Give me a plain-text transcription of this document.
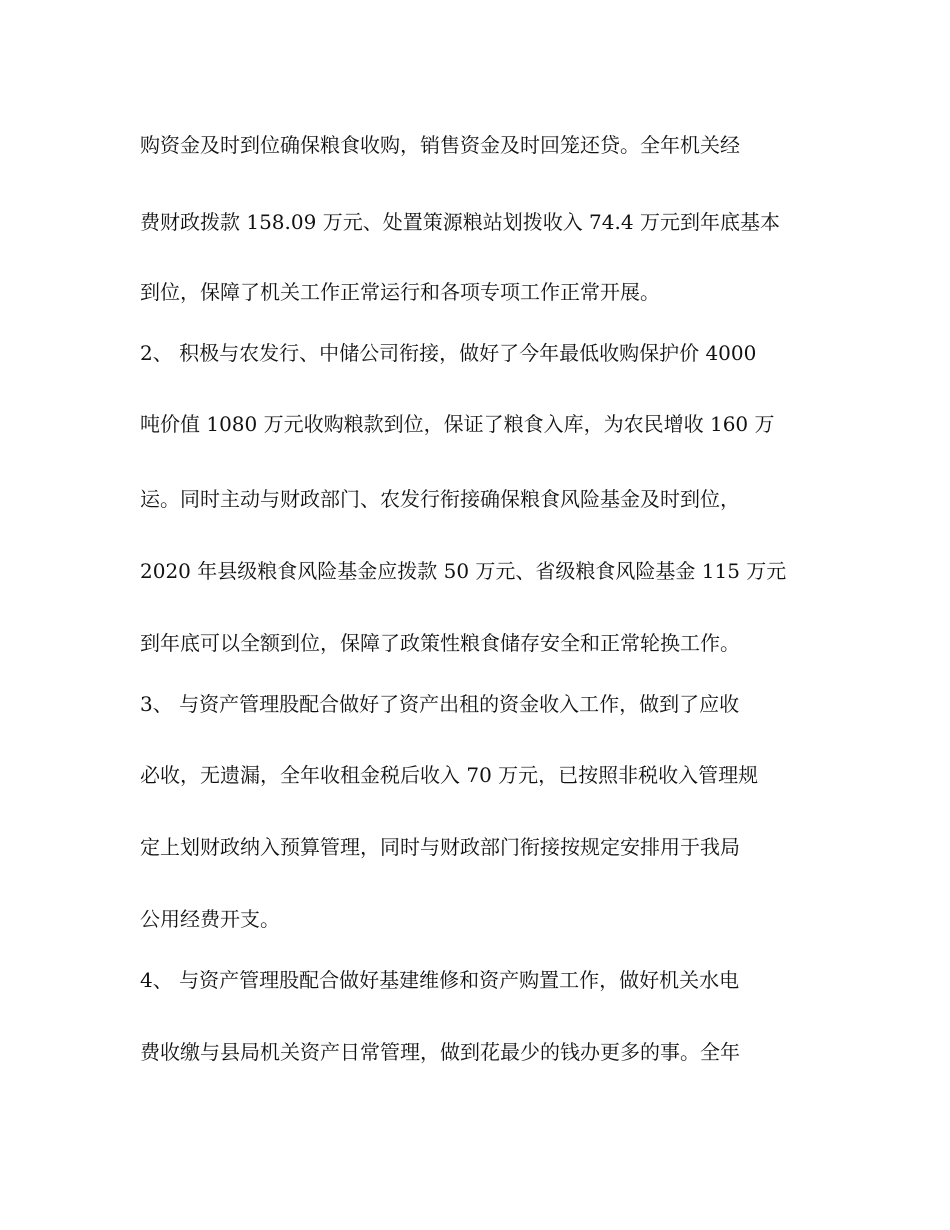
购资金及时到位确保粮食收购，销售资金及时回笼还贷。全年机关经
费财政拨款 158.09 万元、处置策源粮站划拨收入 74.4 万元到年底基本
到位，保障了机关工作正常运行和各项专项工作正常开展。
2、 积极与农发行、中储公司衔接，做好了今年最低收购保护价 4000
吨价值 1080 万元收购粮款到位，保证了粮食入库，为农民增收 160 万
运。同时主动与财政部门、农发行衔接确保粮食风险基金及时到位，
2020 年县级粮食风险基金应拨款 50 万元、省级粮食风险基金 115 万元
到年底可以全额到位，保障了政策性粮食储存安全和正常轮换工作。
3、 与资产管理股配合做好了资产出租的资金收入工作，做到了应收
必收，无遗漏，全年收租金税后收入 70 万元，已按照非税收入管理规
定上划财政纳入预算管理，同时与财政部门衔接按规定安排用于我局
公用经费开支。
4、 与资产管理股配合做好基建维修和资产购置工作，做好机关水电
费收缴与县局机关资产日常管理，做到花最少的钱办更多的事。全年
